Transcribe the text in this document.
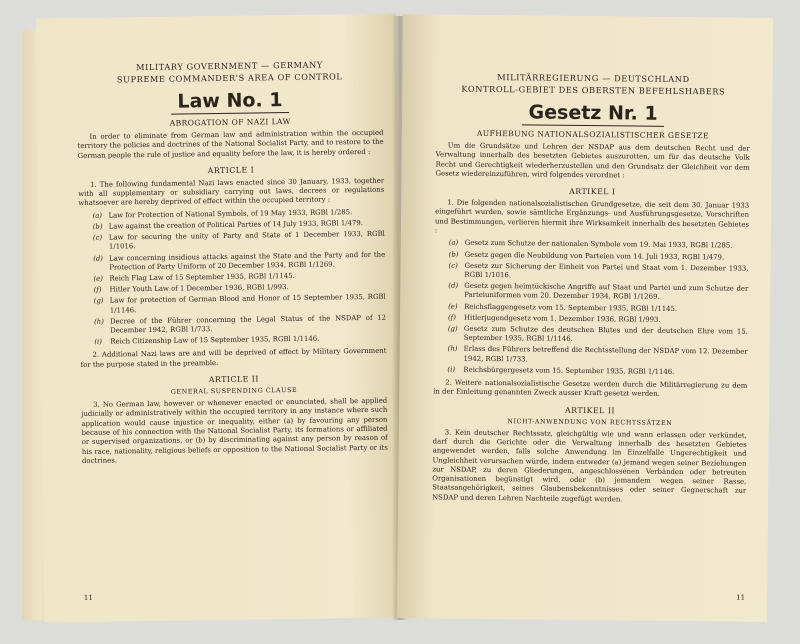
MILITARY GOVERNMENT — GERMANY
SUPREME COMMANDER'S AREA OF CONTROL
Law No. 1
ABROGATION OF NAZI LAW

In order to eliminate from German law and administration within the occupied territory the policies and doctrines of the National Socialist Party, and to restore to the German people the rule of justice and equality before the law, it is hereby ordered :

ARTICLE I

1. The following fundamental Nazi laws enacted since 30 January, 1933, together with all supplementary or subsidiary carrying out laws, decrees or regulations whatsoever are hereby deprived of effect within the occupied territory :

(a) Law for Protection of National Symbols, of 19 May 1933, RGBl 1/285.
(b) Law against the creation of Political Parties of 14 July 1933, RGBl 1/479.
(c) Law for securing the unity of Party and State of 1 December 1933, RGBl 1/1016.
(d) Law concerning insidious attacks against the State and the Party and for the Protection of Party Uniform of 20 December 1934, RGBl 1/1269.
(e) Reich Flag Law of 15 September 1935, RGBl 1/1145.
(f)	Hitler Youth Law of 1 December 1936, RGBl 1/993.
(g) Law for protection of German Blood and Honor of 15 September 1935, RGBl 1/1146.
(h) Decree of the Führer concerning the Legal Status of the NSDAP of 12 December 1942, RGBl 1/733.
(i)	Reich Citizenship Law of 15 September 1935, RGBl 1/1146.

2. Additional Nazi laws are and will be deprived of effect by Military Government for the purpose stated in the preamble.

ARTICLE II
GENERAL SUSPENDING CLAUSE

3. No German law, however or whenever enacted or enunciated, shall be applied judicially or administratively within the occupied territory in any instance where such application would cause injustice or inequality, either (a) by favouring any person because of his connection with the National Socialist Party, its formations or affiliated or supervised organizations, or (b) by discriminating against any person by reason of his race, nationality, religious beliefs or opposition to the National Socialist Party or its doctrines.

11
MILITÄRREGIERUNG — DEUTSCHLAND
KONTROLL-GEBIET DES OBERSTEN BEFEHLSHABERS
Gesetz Nr. 1
AUFHEBUNG NATIONALSOZIALISTISCHER GESETZE

Um die Grundsätze und Lehren der NSDAP aus dem deutschen Recht und der Verwaltung innerhalb des besetzten Gebietes auszurotten, um für das deutsche Volk Recht und Gerechtigkeit wiederherzustellen und den Grundsatz der Gleichheit vor dem Gesetz wiedereinzuführen, wird folgendes verordnet :

ARTIKEL I

1. Die folgenden nationalsozialistischen Grundgesetze, die seit dem 30. Januar 1933 eingeführt wurden, sowie sämtliche Ergänzungs- und Ausführungsgesetze, Vorschriften und Bestimmungen, verlieren hiermit ihre Wirksamkeit innerhalb des besetzten Gebietes :

(a) Gesetz zum Schutze der nationalen Symbole vom 19. Mai 1933, RGBl 1/285.
(b) Gesetz gegen die Neubildung von Parteien vom 14. Juli 1933, RGBl 1/479.
(c) Gesetz zur Sicherung der Einheit von Partei und Staat vom 1. Dezember 1933, RGBl 1/1016.
(d) Gesetz gegen heimtückische Angriffe auf Staat und Partei und zum Schutze der Parteiuniformen vom 20. Dezember 1934, RGBl 1/1269.
(e) Reichsflaggengesetz vom 15. September 1935, RGBl 1/1145.
(f)	Hitlerjugendgesetz vom 1. Dezember 1936, RGBl 1/993.
(g) Gesetz zum Schutze des deutschen Blutes und der deutschen Ehre vom 15. September 1935, RGBl 1/1146.
(h) Erlass des Führers betreffend die Rechtsstellung der NSDAP vom 12. Dezember 1942, RGBl 1/733.
(i)	Reichsbürgergesetz vom 15. September 1935, RGBl 1/1146.

2. Weitere nationalsozialistische Gesetze werden durch die Militärregierung zu dem in der Einleitung genannten Zweck ausser Kraft gesetzt werden.

ARTIKEL II
NICHT-ANWENDUNG VON RECHTSSÄTZEN

3. Kein deutscher Rechtssatz, gleichgültig wie und wann erlassen oder verkündet, darf durch die Gerichte oder die Verwaltung innerhalb des besetzten Gebietes angewendet werden, falls solche Anwendung im Einzelfalle Ungerechtigkeit und Ungleichheit verursachen würde, indem entweder (a) jemand wegen seiner Beziehungen zur NSDAP, zu deren Gliederungen, angeschlossenen Verbänden oder betreuten Organisationen begünstigt wird, oder (b) jemandem wegen seiner Rasse, Staatsangehörigkeit, seines Glaubensbekenntnisses oder seiner Gegnerschaft zur NSDAP und deren Lehren Nachteile zugefügt werden.

11
